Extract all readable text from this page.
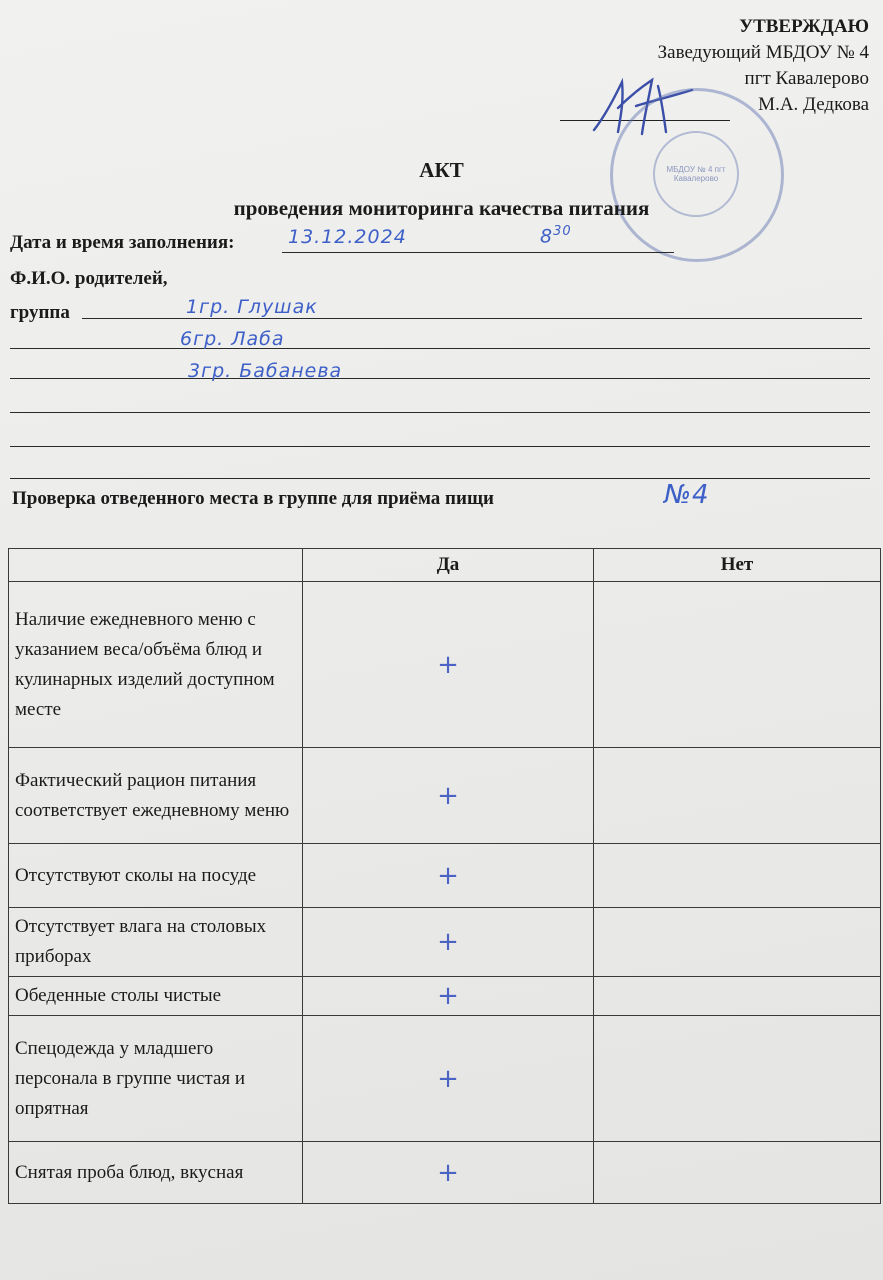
УТВЕРЖДАЮ
Заведующий МБДОУ № 4
пгт Кавалерово
М.А. Дедкова
МБДОУ № 4 пгт Кавалерово
АКТ
проведения мониторинга качества питания
Дата и время заполнения:	13.12.2024	$8^{30}$
Ф.И.О. родителей,
группа	1гр. Глушак
6гр. Лаба
3гр. Бабанева
Проверка отведенного места в группе для приёма пищи	№4
	Да	Нет
Наличие ежедневного меню с указанием веса/объёма блюд и кулинарных изделий доступном месте	+	
Фактический рацион питания соответствует ежедневному меню	+	
Отсутствуют сколы на посуде	+	
Отсутствует влага на столовых приборах	+	
Обеденные столы чистые	+	
Спецодежда у младшего персонала в группе чистая и опрятная	+	
Снятая проба блюд, вкусная	+	
